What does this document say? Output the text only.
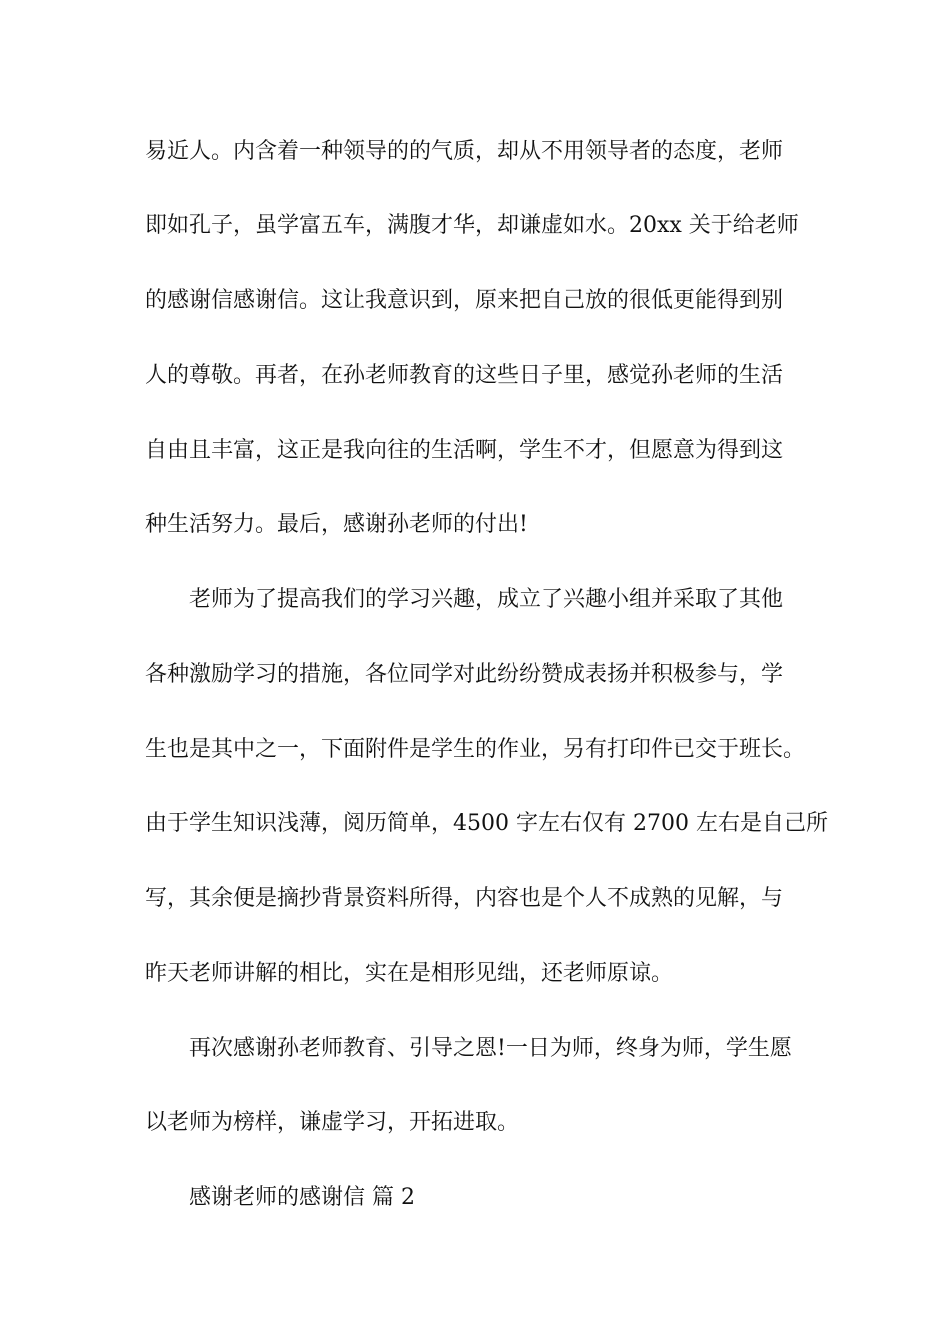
易近人。内含着一种领导的的气质，却从不用领导者的态度，老师
即如孔子，虽学富五车，满腹才华，却谦虚如水。20xx 关于给老师
的感谢信感谢信。这让我意识到，原来把自己放的很低更能得到别
人的尊敬。再者，在孙老师教育的这些日子里，感觉孙老师的生活
自由且丰富，这正是我向往的生活啊，学生不才，但愿意为得到这
种生活努力。最后，感谢孙老师的付出!
老师为了提高我们的学习兴趣，成立了兴趣小组并采取了其他
各种激励学习的措施，各位同学对此纷纷赞成表扬并积极参与，学
生也是其中之一，下面附件是学生的作业，另有打印件已交于班长。
由于学生知识浅薄，阅历简单，4500 字左右仅有 2700 左右是自己所
写，其余便是摘抄背景资料所得，内容也是个人不成熟的见解，与
昨天老师讲解的相比，实在是相形见绌，还老师原谅。
再次感谢孙老师教育、引导之恩!一日为师，终身为师，学生愿
以老师为榜样，谦虚学习，开拓进取。
感谢老师的感谢信 篇 2
